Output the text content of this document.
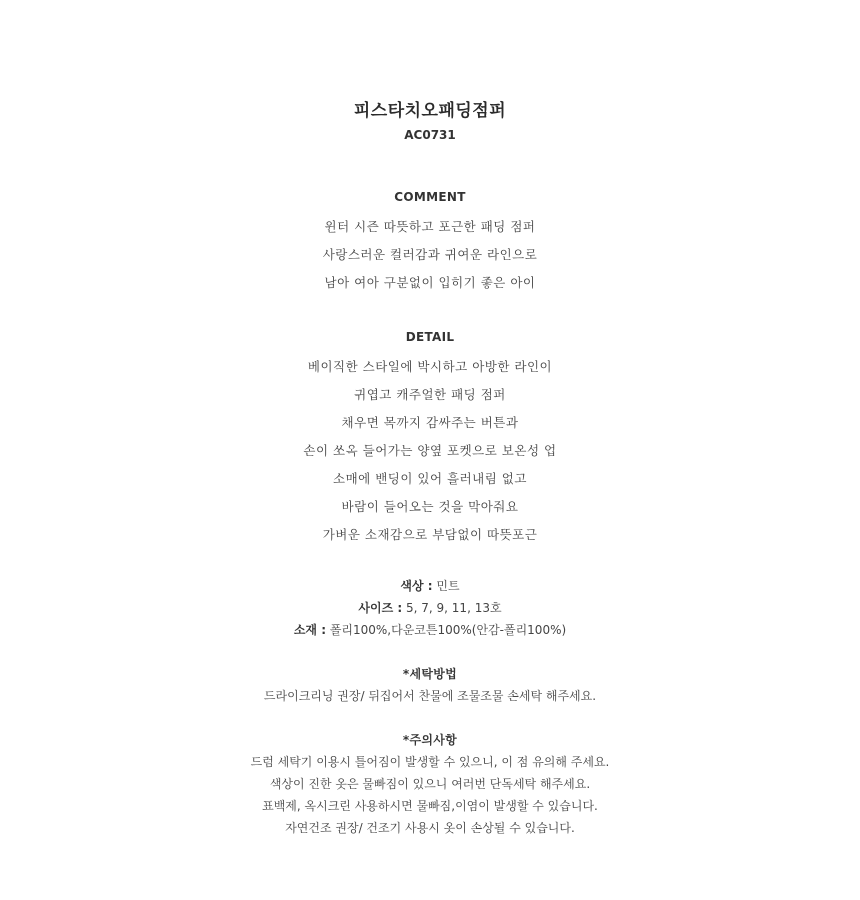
피스타치오패딩점퍼
AC0731
COMMENT
윈터 시즌 따뜻하고 포근한 패딩 점퍼
사랑스러운 컬러감과 귀여운 라인으로
남아 여아 구분없이 입히기 좋은 아이
DETAIL
베이직한 스타일에 박시하고 아방한 라인이
귀엽고 캐주얼한 패딩 점퍼
채우면 목까지 감싸주는 버튼과
손이 쏘옥 들어가는 양옆 포켓으로 보온성 업
소매에 밴딩이 있어 흘러내림 없고
바람이 들어오는 것을 막아줘요
가벼운 소재감으로 부담없이 따뜻포근
색상 : 민트
사이즈 : 5, 7, 9, 11, 13호
소재 : 폴리100%,다운코튼100%(안감-폴리100%)
*세탁방법
드라이크리닝 권장/ 뒤집어서 찬물에 조물조물 손세탁 해주세요.
*주의사항
드럼 세탁기 이용시 틀어짐이 발생할 수 있으니, 이 점 유의해 주세요.
색상이 진한 옷은 물빠짐이 있으니 여러번 단독세탁 해주세요.
표백제, 옥시크린 사용하시면 물빠짐,이염이 발생할 수 있습니다.
자연건조 권장/ 건조기 사용시 옷이 손상될 수 있습니다.
